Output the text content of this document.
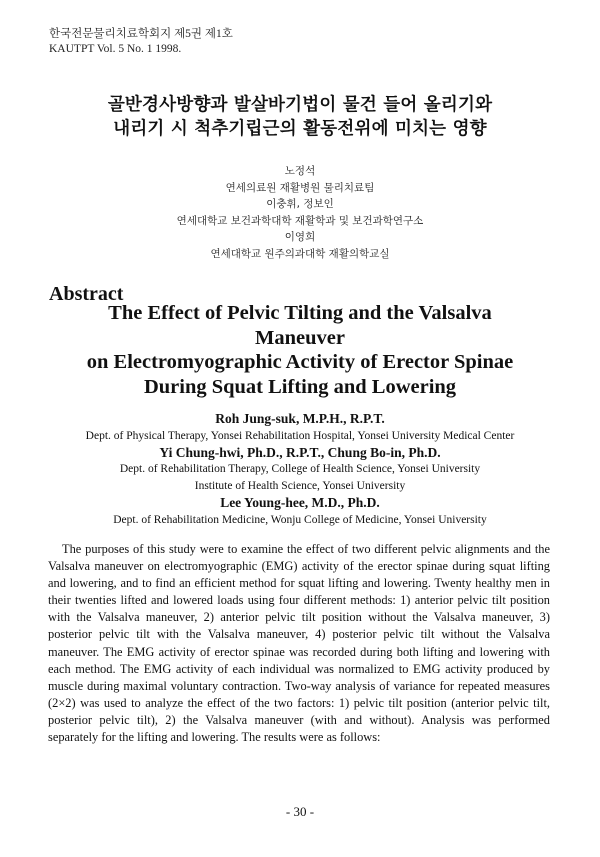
한국전문물리치료학회지 제5권 제1호
KAUTPT Vol. 5 No. 1 1998.
골반경사방향과 발살바기법이 물건 들어 올리기와
내리기 시 척추기립근의 활동전위에 미치는 영향
노정석
연세의료원 재활병원 물리치료팀
이충휘, 정보인
연세대학교 보건과학대학 재활학과 및 보건과학연구소
이영희
연세대학교 원주의과대학 재활의학교실
Abstract
The Effect of Pelvic Tilting and the Valsalva
Maneuver
on Electromyographic Activity of Erector Spinae
During Squat Lifting and Lowering
Roh Jung-suk, M.P.H., R.P.T.
Dept. of Physical Therapy, Yonsei Rehabilitation Hospital, Yonsei University Medical Center
Yi Chung-hwi, Ph.D., R.P.T., Chung Bo-in, Ph.D.
Dept. of Rehabilitation Therapy, College of Health Science, Yonsei University
Institute of Health Science, Yonsei University
Lee Young-hee, M.D., Ph.D.
Dept. of Rehabilitation Medicine, Wonju College of Medicine, Yonsei University

The purposes of this study were to examine the effect of two different pelvic alignments and the Valsalva maneuver on electromyographic (EMG) activity of the erector spinae during squat lifting and lowering, and to find an efficient method for squat lifting and lowering. Twenty healthy men in their twenties lifted and lowered loads using four different methods: 1) anterior pelvic tilt position with the Valsalva maneuver, 2) anterior pelvic tilt position without the Valsalva maneuver, 3) posterior pelvic tilt with the Valsalva maneuver, 4) posterior pelvic tilt without the Valsalva maneuver. The EMG activity of erector spinae was recorded during both lifting and lowering with each method. The EMG activity of each individual was normalized to EMG activity produced by muscle during maximal voluntary contraction. Two-way analysis of variance for repeated measures (2×2) was used to analyze the effect of the two factors: 1) pelvic tilt position (anterior pelvic tilt, posterior pelvic tilt), 2) the Valsalva maneuver (with and without). Analysis was performed separately for the lifting and lowering. The results were as follows:

- 30 -
